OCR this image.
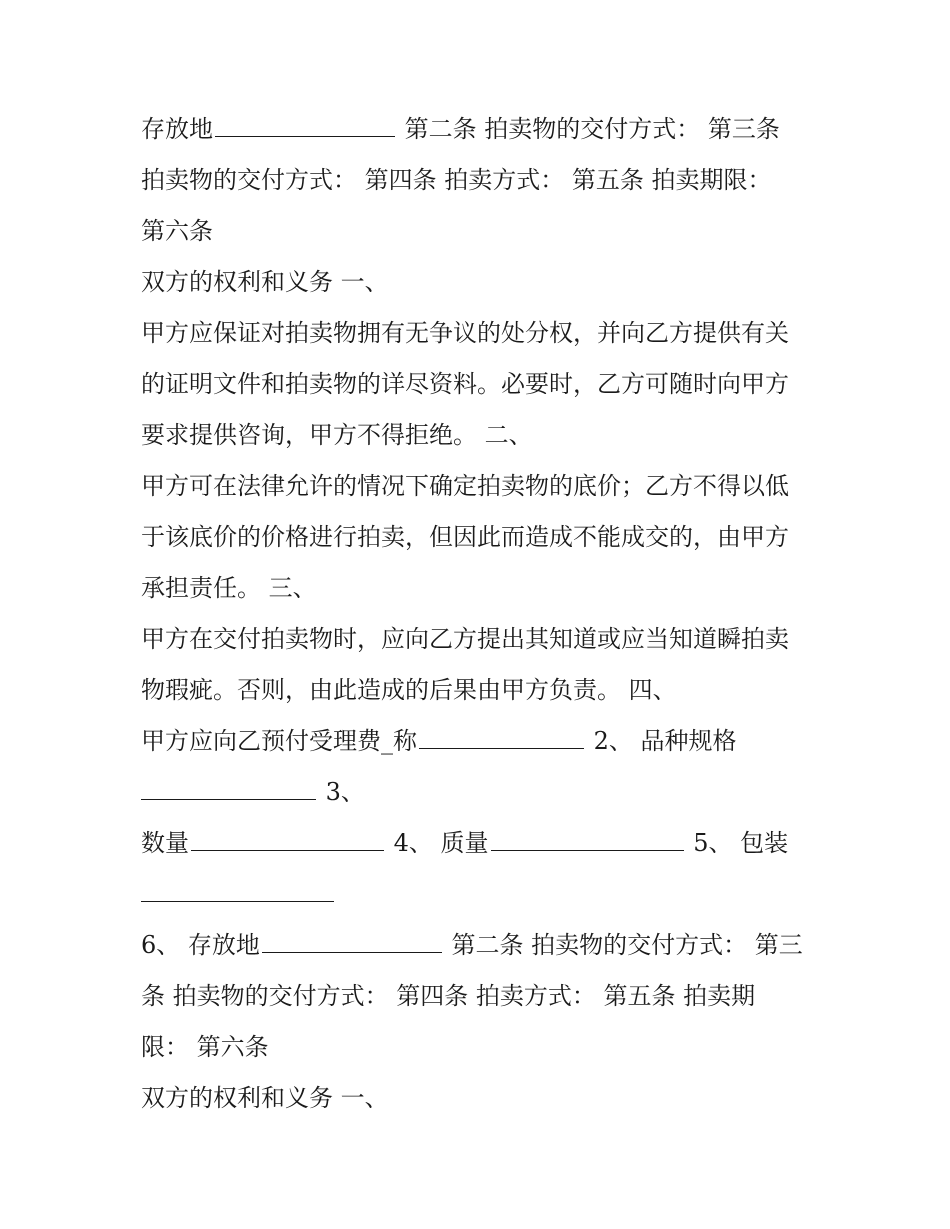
存放地	第二条 拍卖物的交付方式： 第三条
拍卖物的交付方式： 第四条 拍卖方式： 第五条 拍卖期限：
第六条
双方的权利和义务 一、
甲方应保证对拍卖物拥有无争议的处分权，并向乙方提供有关
的证明文件和拍卖物的详尽资料。必要时，乙方可随时向甲方
要求提供咨询，甲方不得拒绝。 二、
甲方可在法律允许的情况下确定拍卖物的底价；乙方不得以低
于该底价的价格进行拍卖，但因此而造成不能成交的，由甲方
承担责任。 三、
甲方在交付拍卖物时，应向乙方提出其知道或应当知道瞬拍卖
物瑕疵。否则，由此造成的后果由甲方负责。 四、
甲方应向乙预付受理费_称	2、 品种规格
3、
数量	4、 质量	5、 包装
6、 存放地	第二条 拍卖物的交付方式： 第三
条 拍卖物的交付方式： 第四条 拍卖方式： 第五条 拍卖期
限： 第六条
双方的权利和义务 一、
